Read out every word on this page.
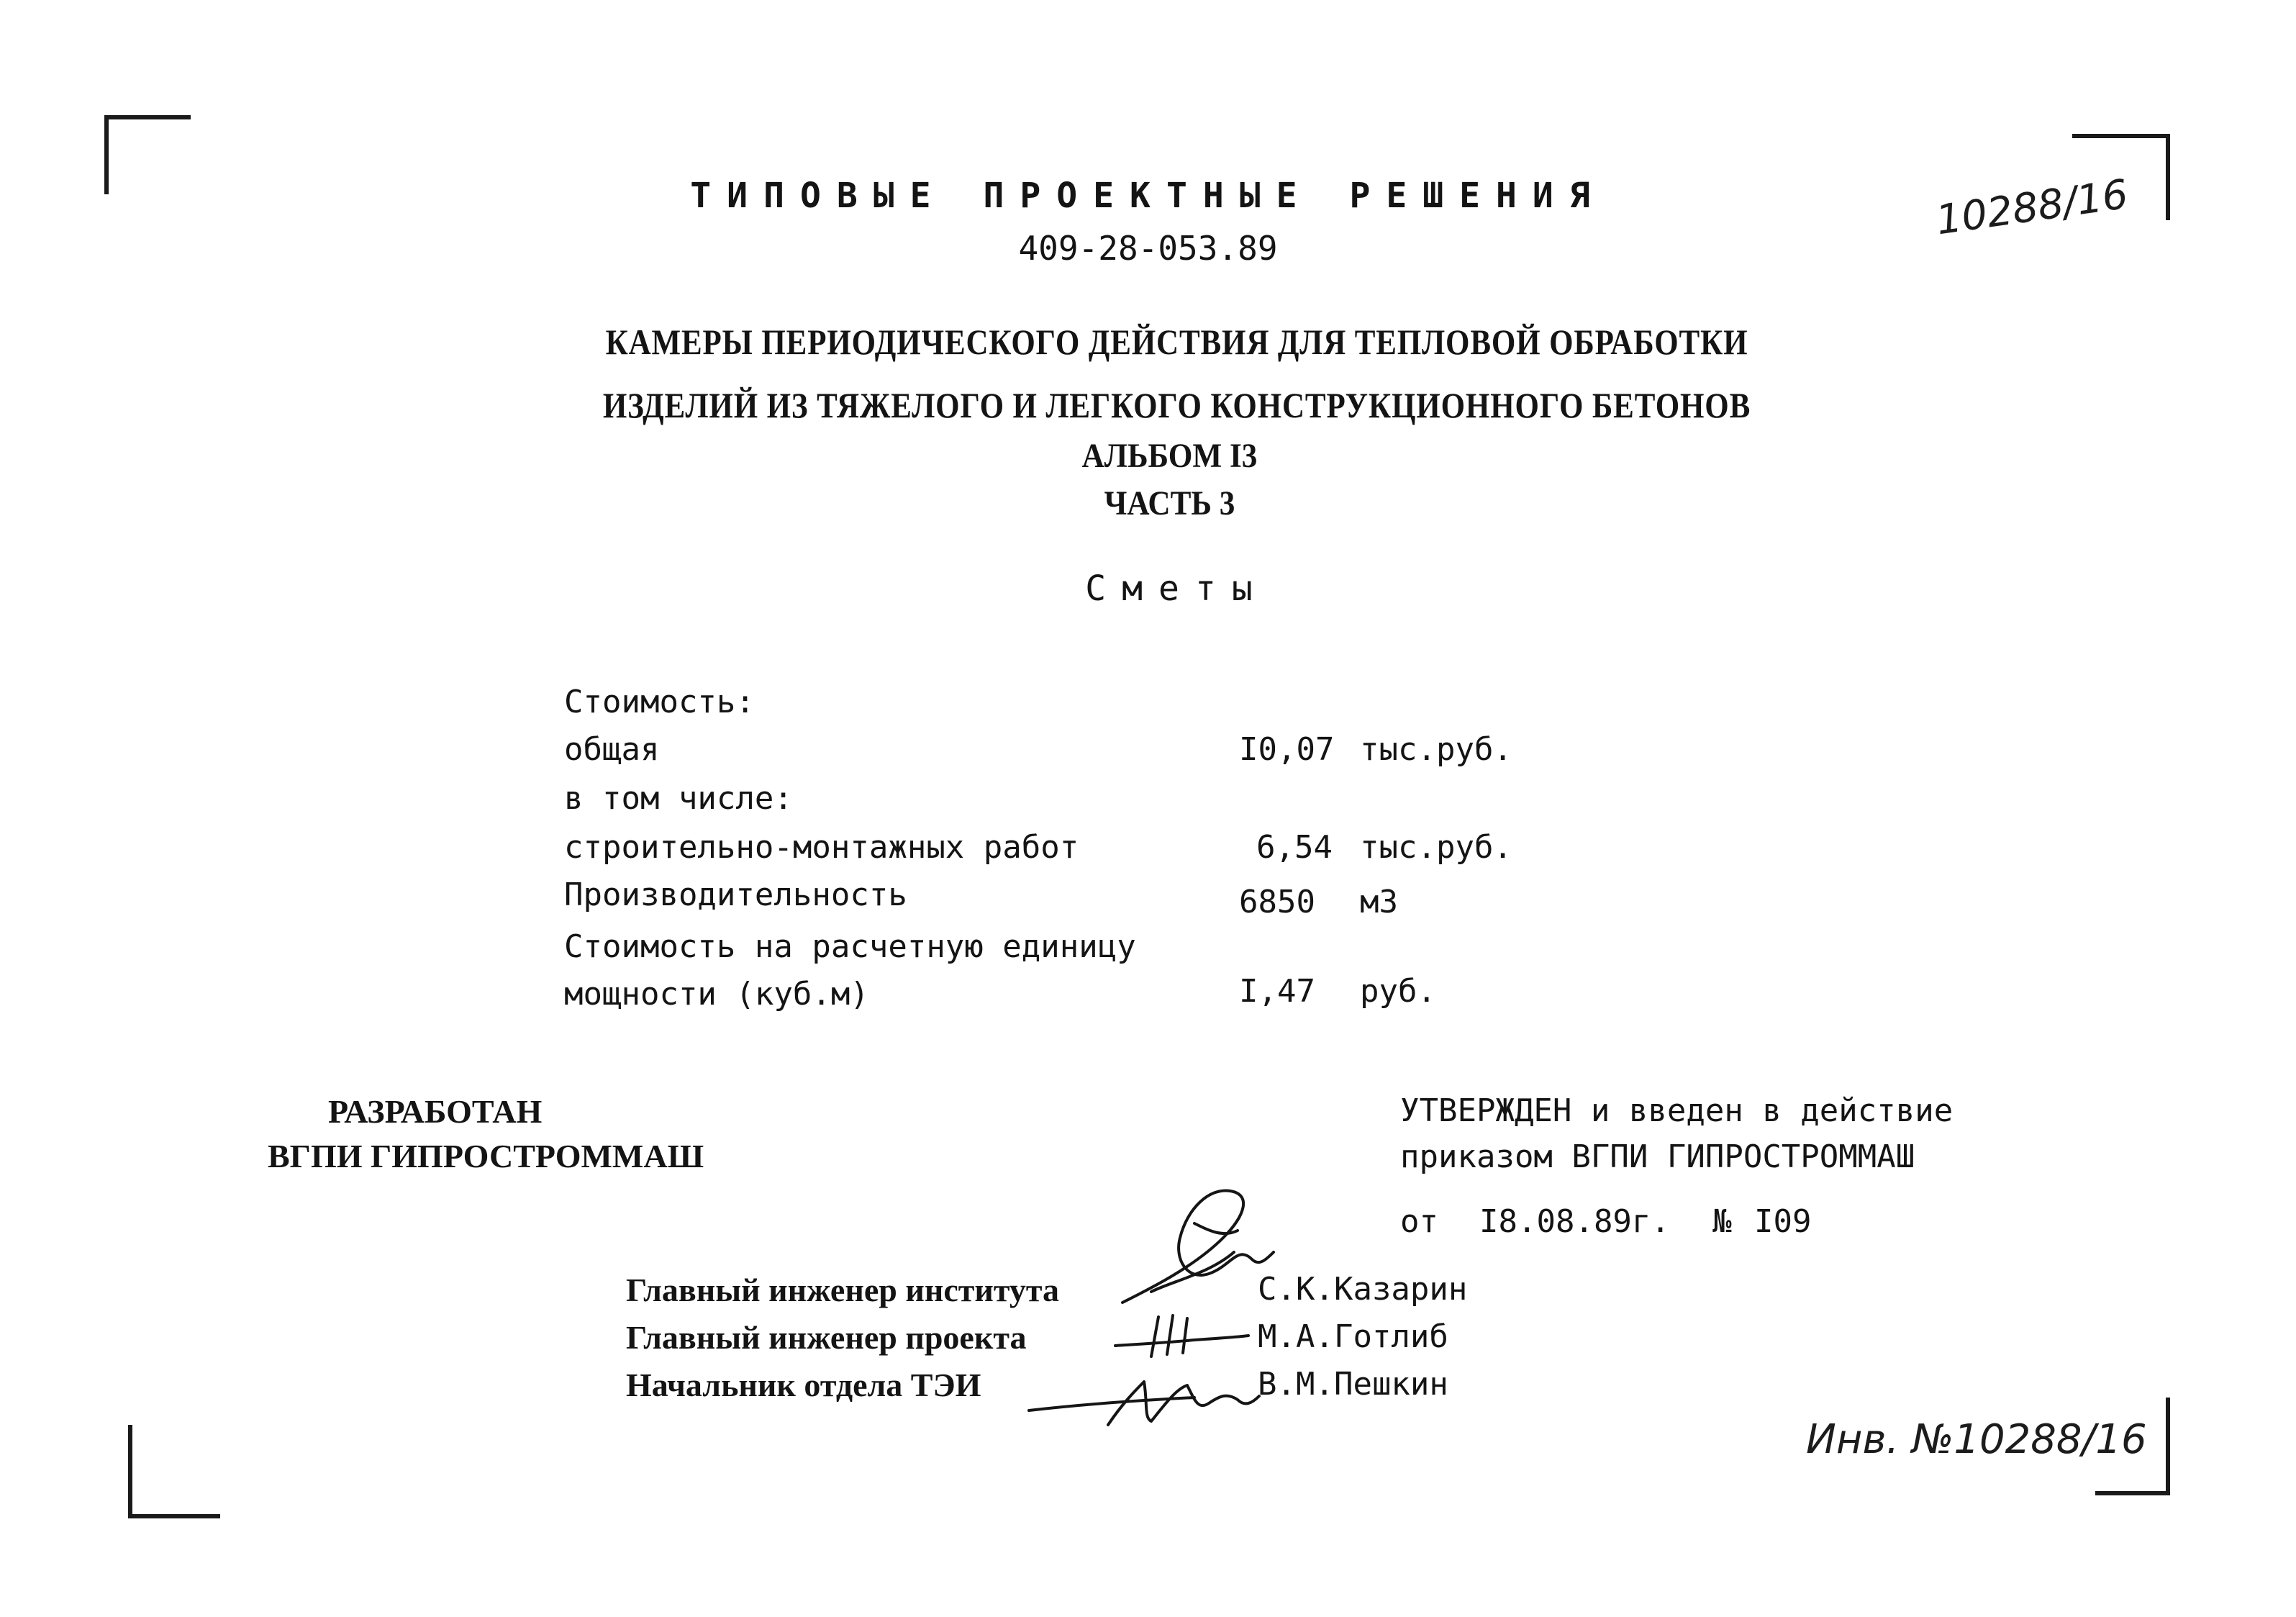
ТИПОВЫЕ ПРОЕКТНЫЕ РЕШЕНИЯ
409-28-053.89
10288/16
КАМЕРЫ ПЕРИОДИЧЕСКОГО ДЕЙСТВИЯ ДЛЯ ТЕПЛОВОЙ ОБРАБОТКИ
ИЗДЕЛИЙ ИЗ ТЯЖЕЛОГО И ЛЕГКОГО КОНСТРУКЦИОННОГО БЕТОНОВ
АЛЬБОМ I3
ЧАСТЬ 3
Сметы
Стоимость:
общая	I0,07 тыс.руб.
в том числе:
строительно-монтажных работ	6,54 тыс.руб.
Производительность	6850 м3
Стоимость на расчетную единицу
мощности (куб.м)	I,47 руб.
РАЗРАБОТАН
ВГПИ ГИПРОСТРОММАШ
УТВЕРЖДЕН и введен в действие
приказом ВГПИ ГИПРОСТРОММАШ
от I8.08.89г. № I09
Главный инженер института	С.К.Казарин
Главный инженер проекта	М.А.Готлиб
Начальник отдела ТЭИ	В.М.Пешкин
Инв. №10288/16
